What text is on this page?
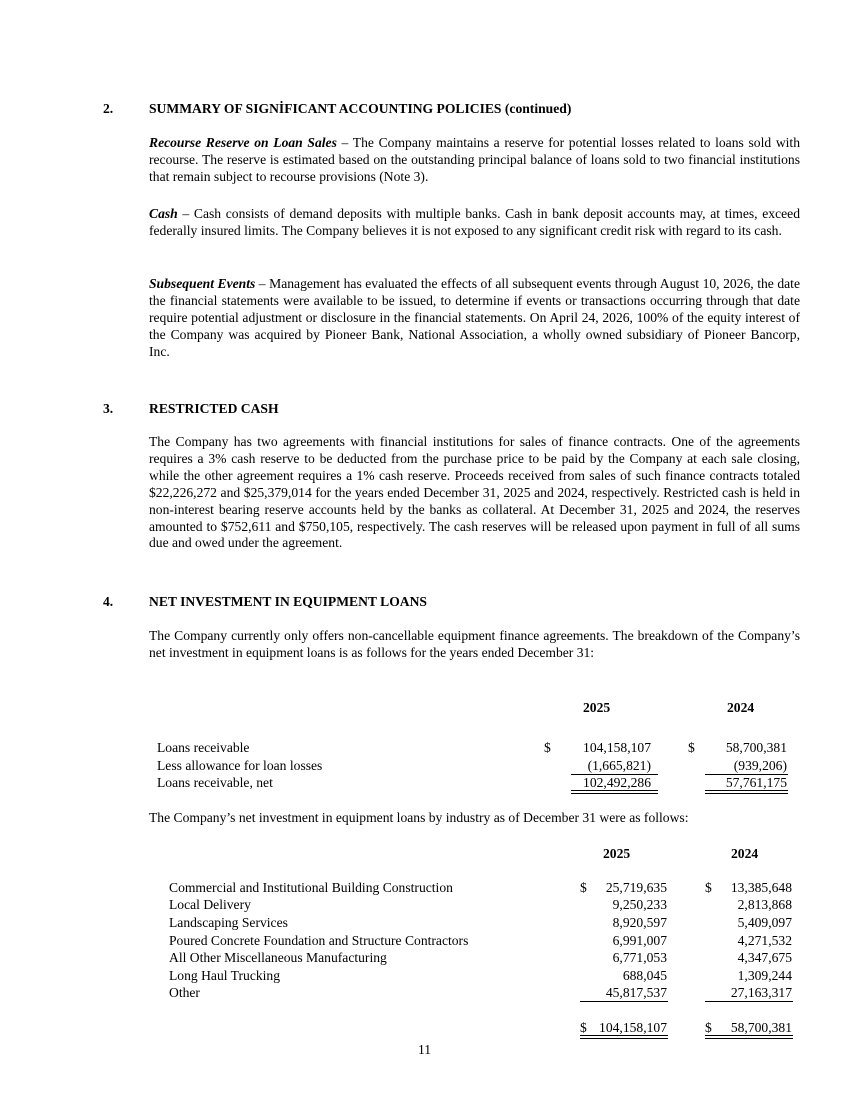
2.	SUMMARY OF SIGNİFICANT ACCOUNTING POLICIES (continued)

Recourse Reserve on Loan Sales – The Company maintains a reserve for potential losses related to loans sold with recourse. The reserve is estimated based on the outstanding principal balance of loans sold to two financial institutions that remain subject to recourse provisions (Note 3).

Cash – Cash consists of demand deposits with multiple banks. Cash in bank deposit accounts may, at times, exceed federally insured limits. The Company believes it is not exposed to any significant credit risk with regard to its cash.

Subsequent Events – Management has evaluated the effects of all subsequent events through August 10, 2026, the date the financial statements were available to be issued, to determine if events or transactions occurring through that date require potential adjustment or disclosure in the financial statements. On April 24, 2026, 100% of the equity interest of the Company was acquired by Pioneer Bank, National Association, a wholly owned subsidiary of Pioneer Bancorp, Inc.

3.	RESTRICTED CASH

The Company has two agreements with financial institutions for sales of finance contracts. One of the agreements requires a 3% cash reserve to be deducted from the purchase price to be paid by the Company at each sale closing, while the other agreement requires a 1% cash reserve. Proceeds received from sales of such finance contracts totaled $22,226,272 and $25,379,014 for the years ended December 31, 2025 and 2024, respectively. Restricted cash is held in non-interest bearing reserve accounts held by the banks as collateral. At December 31, 2025 and 2024, the reserves amounted to $752,611 and $750,105, respectively. The cash reserves will be released upon payment in full of all sums due and owed under the agreement.

4.	NET INVESTMENT IN EQUIPMENT LOANS

The Company currently only offers non-cancellable equipment finance agreements. The breakdown of the Company’s net investment in equipment loans is as follows for the years ended December 31:

2025	2024
Loans receivable	$ 104,158,107	$ 58,700,381
Less allowance for loan losses	(1,665,821)	(939,206)
Loans receivable, net	102,492,286	57,761,175

The Company’s net investment in equipment loans by industry as of December 31 were as follows:

2025	2024
Commercial and Institutional Building Construction	$ 25,719,635	$ 13,385,648
Local Delivery	9,250,233	2,813,868
Landscaping Services	8,920,597	5,409,097
Poured Concrete Foundation and Structure Contractors	6,991,007	4,271,532
All Other Miscellaneous Manufacturing	6,771,053	4,347,675
Long Haul Trucking	688,045	1,309,244
Other	45,817,537	27,163,317
$ 104,158,107	$ 58,700,381
11
